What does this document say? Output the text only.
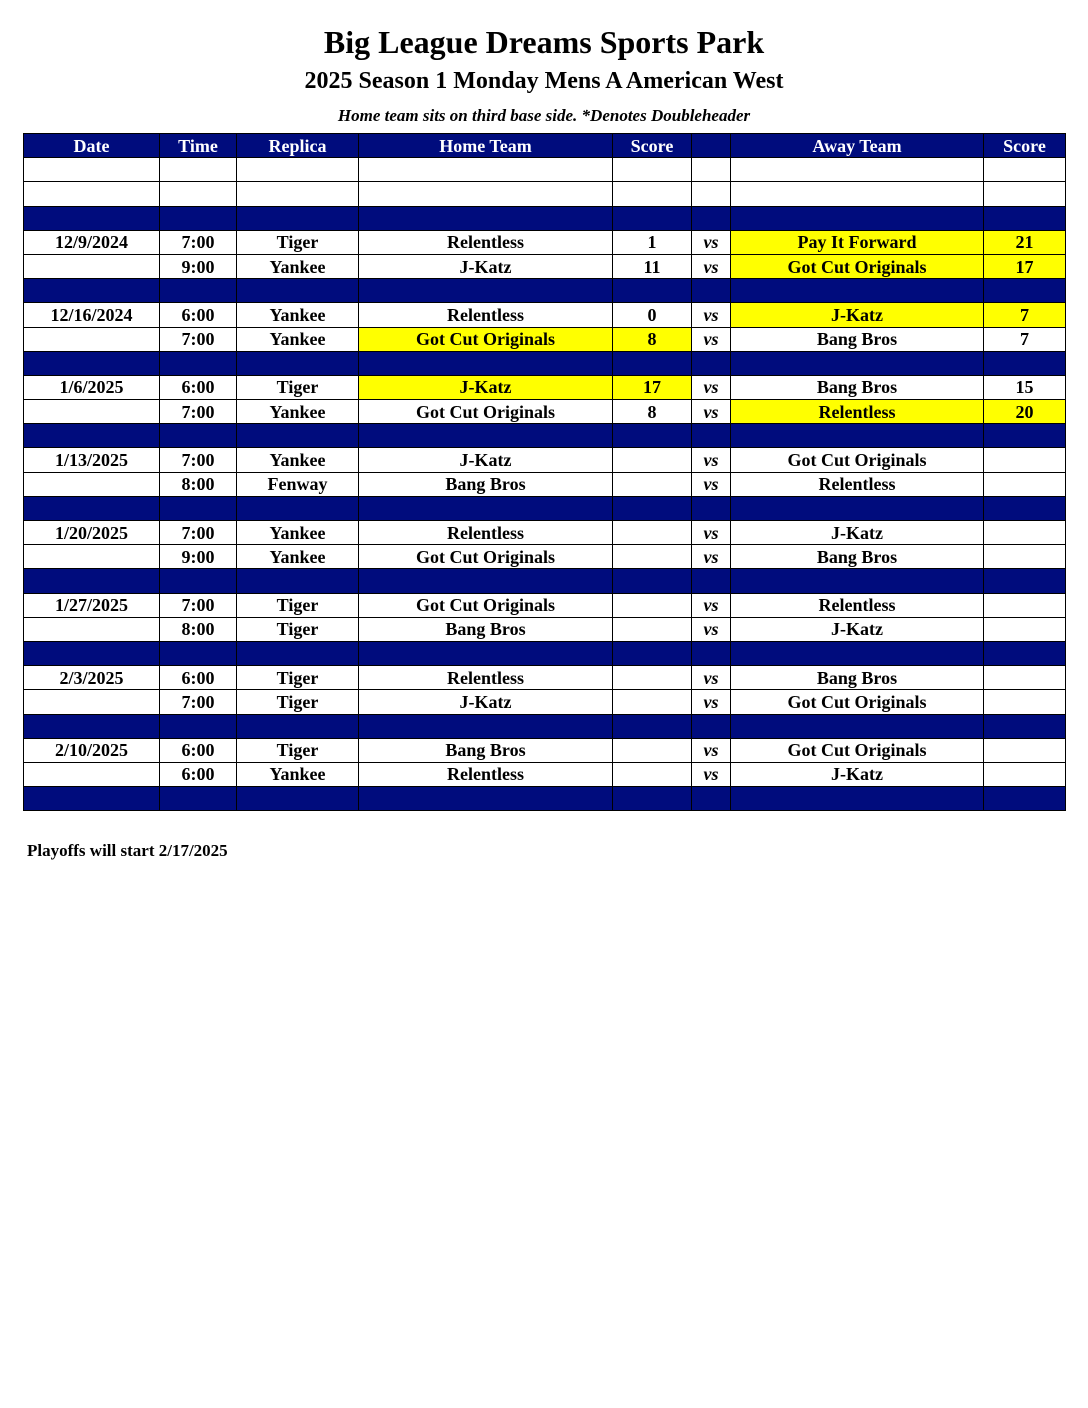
Big League Dreams Sports Park
2025 Season 1 Monday Mens A American West
Home team sits on third base side. *Denotes Doubleheader
Date	Time	Replica	Home Team	Score		Away Team	Score

12/9/2024	7:00	Tiger	Relentless	1	vs	Pay It Forward	21
	9:00	Yankee	J-Katz	11	vs	Got Cut Originals	17

12/16/2024	6:00	Yankee	Relentless	0	vs	J-Katz	7
	7:00	Yankee	Got Cut Originals	8	vs	Bang Bros	7

1/6/2025	6:00	Tiger	J-Katz	17	vs	Bang Bros	15
	7:00	Yankee	Got Cut Originals	8	vs	Relentless	20

1/13/2025	7:00	Yankee	J-Katz		vs	Got Cut Originals	
	8:00	Fenway	Bang Bros		vs	Relentless	

1/20/2025	7:00	Yankee	Relentless		vs	J-Katz	
	9:00	Yankee	Got Cut Originals		vs	Bang Bros	

1/27/2025	7:00	Tiger	Got Cut Originals		vs	Relentless	
	8:00	Tiger	Bang Bros		vs	J-Katz	

2/3/2025	6:00	Tiger	Relentless		vs	Bang Bros	
	7:00	Tiger	J-Katz		vs	Got Cut Originals	

2/10/2025	6:00	Tiger	Bang Bros		vs	Got Cut Originals	
	6:00	Yankee	Relentless		vs	J-Katz	

Playoffs will start 2/17/2025
